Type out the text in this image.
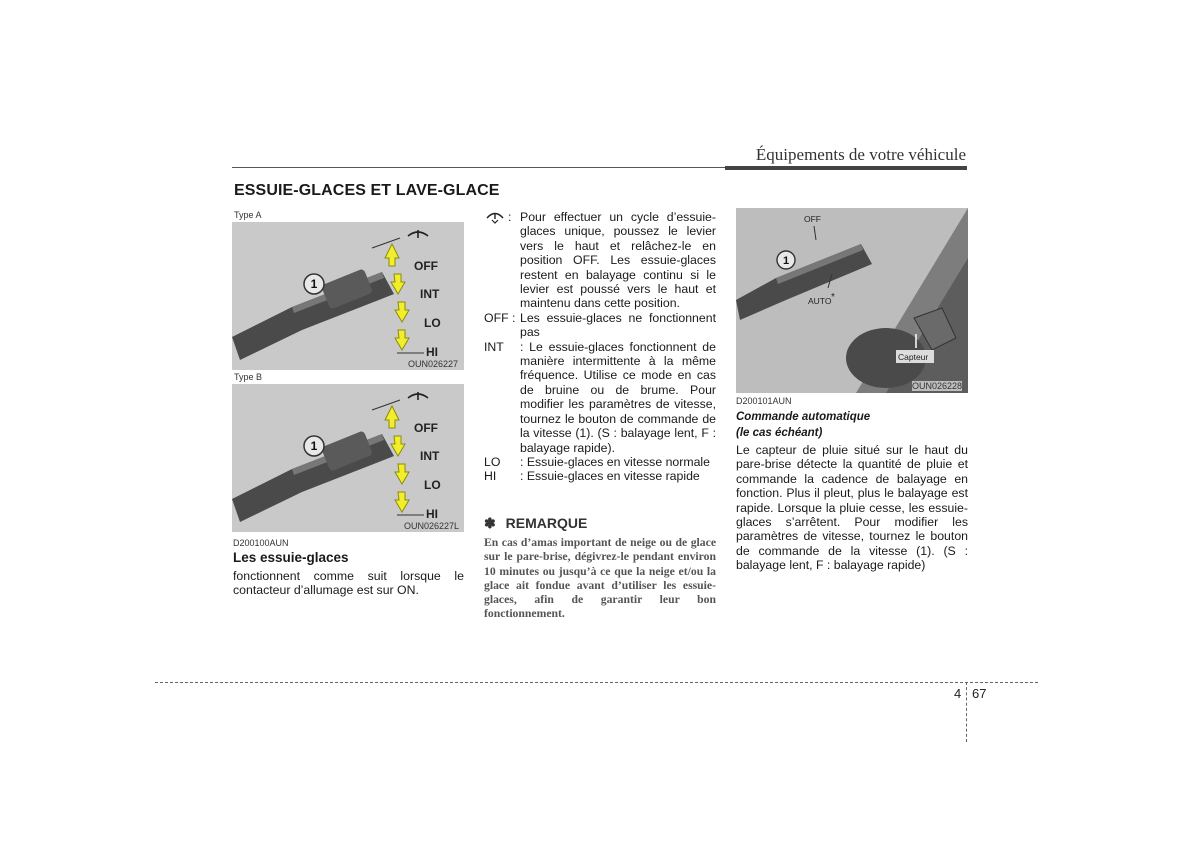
Équipements de votre véhicule
ESSUIE-GLACES ET LAVE-GLACE
Type A
1
OFF
INT
LO
HI
OUN026227
Type B
1
OFF
INT
LO
HI
OUN026227L
D200100AUN
Les essuie-glaces
fonctionnent comme suit lorsque le contacteur d’allumage est sur ON.
: Pour effectuer un cycle d’essuie-glaces unique, poussez le levier vers le haut et relâchez-le en position OFF. Les essuie-glaces restent en balayage continu si le levier est poussé vers le haut et maintenu dans cette position.
OFF : Les essuie-glaces ne fonctionnent pas
INT	: Le essuie-glaces fonctionnent de manière intermittente à la même fréquence. Utilise ce mode en cas de bruine ou de brume. Pour modifier les paramètres de vitesse, tournez le bouton de commande de la vitesse (1). (S : balayage lent, F : balayage rapide).
LO	: Essuie-glaces en vitesse normale
HI	: Essuie-glaces en vitesse rapide
✽ REMARQUE
En cas d’amas important de neige ou de glace sur le pare-brise, dégivrez-le pendant environ 10 minutes ou jusqu’à ce que la neige et/ou la glace ait fondue avant d’utiliser les essuie-glaces, afin de garantir leur bon fonctionnement.
1
OFF
AUTO *
Capteur
OUN026228
D200101AUN
Commande automatique
(le cas échéant)
Le capteur de pluie situé sur le haut du pare-brise détecte la quantité de pluie et commande la cadence de balayage en fonction. Plus il pleut, plus le balayage est rapide. Lorsque la pluie cesse, les essuie-glaces s’arrêtent. Pour modifier les paramètres de vitesse, tournez le bouton de commande de la vitesse (1). (S : balayage lent, F : balayage rapide)
4 67
